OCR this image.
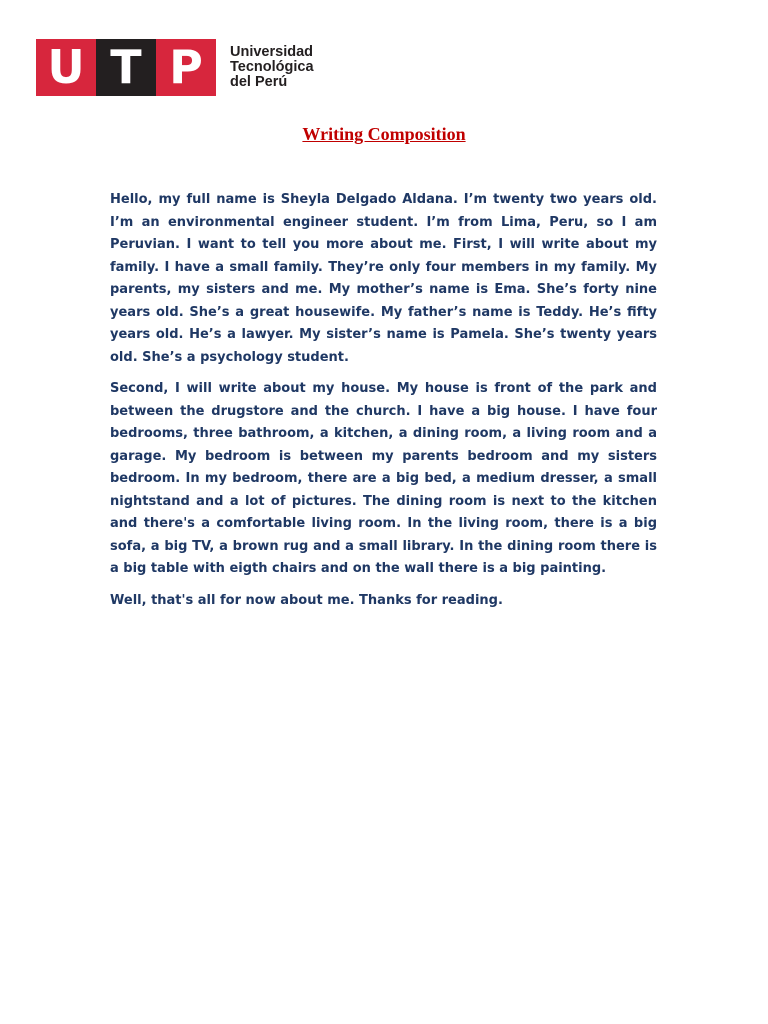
U T P	Universidad
Tecnológica
del Perú
Writing Composition

Hello, my full name is Sheyla Delgado Aldana. I’m twenty two years old. I’m an environmental engineer student. I’m from Lima, Peru, so I am Peruvian. I want to tell you more about me. First, I will write about my family. I have a small family. They’re only four members in my family. My parents, my sisters and me. My mother’s name is Ema. She’s forty nine years old. She’s a great housewife. My father’s name is Teddy. He’s fifty years old. He’s a lawyer. My sister’s name is Pamela. She’s twenty years old. She’s a psychology student.

Second, I will write about my house. My house is front of the park and between the drugstore and the church. I have a big house. I have four bedrooms, three bathroom, a kitchen, a dining room, a living room and a garage. My bedroom is between my parents bedroom and my sisters bedroom. In my bedroom, there are a big bed, a medium dresser, a small nightstand and a lot of pictures. The dining room is next to the kitchen and there's a comfortable living room. In the living room, there is a big sofa, a big TV, a brown rug and a small library. In the dining room there is a big table with eigth chairs and on the wall there is a big painting.

Well, that's all for now about me. Thanks for reading.
